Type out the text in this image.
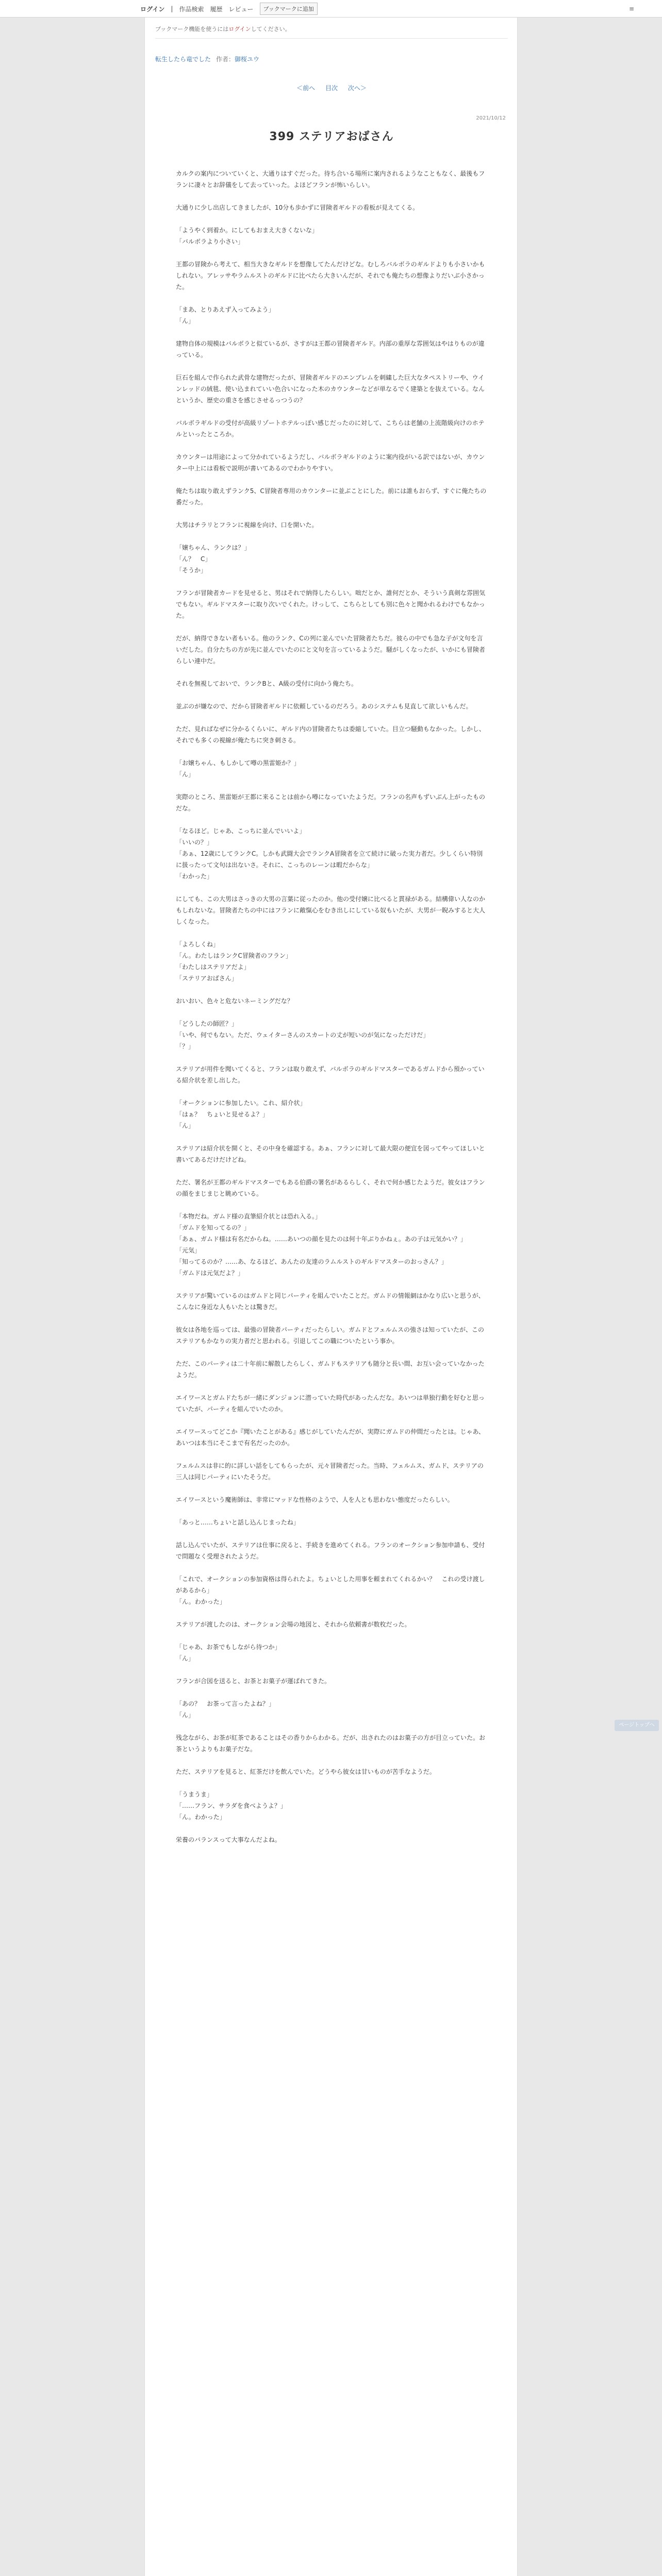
ログイン | 作品検索 履歴 レビュー	ブックマークに追加	≡
ブックマーク機能を使うにはログインしてください。
転生したら竜でした 作者：御桜ユウ
＜前へ 目次 次へ＞
2021/10/12
399 ステリアおばさん

カルクの案内についていくと、大通りはすぐだった。待ち合いる場所に案内されるようなこともなく、最後もフランに凄々とお辞儀をして去っていった。よほどフランが怖いらしい。

大通りに少し出店してきましたが、10分も歩かずに冒険者ギルドの看板が見えてくる。

「ようやく到着か。にしてもおまえ大きくないな」
「バルボラより小さい」

王都の冒険から考えて、相当大きなギルドを想像してたんだけどな。むしろバルボラのギルドよりも小さいかもしれない。アレッサやラムルストのギルドに比べたら大きいんだが、それでも俺たちの想像よりだいぶ小さかった。

「まあ、とりあえず入ってみよう」
「ん」

建物自体の規模はバルボラと似ているが、さすがは王都の冒険者ギルド。内部の重厚な雰囲気はやはりものが違っている。

巨石を組んで作られた武骨な建物だったが、冒険者ギルドのエンブレムを刺繍した巨大なタペストリーや、ウインレッドの絨毯、使い込まれていい色合いになった木のカウンターなどが単なるでく建築とを抜えている。なんというか、歴史の重さを感じさせるっつうの？

バルボラギルドの受付が高級リゾートホテルっぽい感じだったのに対して、こちらは老舗の上流階級向けのホテルといったところか。

カウンターは用途によって分かれているようだし、バルボラギルドのように案内役がいる訳ではないが、カウンター中上には看板で説明が書いてあるのでわかりやすい。

俺たちは取り敢えずランク5、C冒険者専用のカウンターに並ぶことにした。前には誰もおらず、すぐに俺たちの番だった。

大男はチラリとフランに視線を向け、口を開いた。

「嬢ちゃん、ランクは？」
「ん？　C」
「そうか」

フランが冒険者カードを見せると、男はそれで納得したらしい。咄だとか、誰何だとか、そういう真剣な雰囲気でもない。ギルドマスターに取り次いでくれた。けっして、こちらとしても別に色々と聞かれるわけでもなかった。

だが、納得できない者もいる。他のランク、Cの列に並んでいた冒険者たちだ。彼らの中でも急な子が文句を言いだした。自分たちの方が先に並んでいたのにと文句を言っているようだ。騒がしくなったが、いかにも冒険者らしい連中だ。

それを無視しておいで、ランクBと、A級の受付に向かう俺たち。

並ぶのが嫌なので、だから冒険者ギルドに依頼しているのだろう。あのシステムも見直して欲しいもんだ。

ただ、見ればなぜに分かるくらいに、ギルド内の冒険者たちは委縮していた。目立つ騒動もなかった。しかし、それでも多くの視線が俺たちに突き刺さる。

「お嬢ちゃん、もしかして噂の黒雷姫か？」
「ん」

実際のところ、黒雷姫が王都に来ることは前から噂になっていたようだ。フランの名声もずいぶん上がったものだな。

「なるほど。じゃあ、こっちに並んでいいよ」
「いいの？」
「あぁ、12歳にしてランクC。しかも武闘大会でランクA冒険者を立て続けに破った実力者だ。少しくらい特別に扱ったって文句は出ないさ。それに、こっちのレーンは暇だからな」
「わかった」

にしても、この大男はさっきの大男の言葉に従ったのか。他の受付嬢に比べると貫禄がある。結構偉い人なのかもしれないな。冒険者たちの中にはフランに敵愾心をむき出しにしている奴もいたが、大男が一睨みすると大人しくなった。

「よろしくね」
「ん。わたしはランクC冒険者のフラン」
「わたしはステリアだよ」
「ステリアおばさん」

おいおい、色々と危ないネーミングだな？

「どうしたの師匠？」
「いや、何でもない。ただ、ウェイターさんのスカートの丈が短いのが気になっただけだ」
「？」

ステリアが用件を聞いてくると、フランは取り敢えず、バルボラのギルドマスターであるガムドから預かっている紹介状を差し出した。

「オークションに参加したい。これ、紹介状」
「はぁ？　ちょいと見せるよ？」
「ん」

ステリアは紹介状を開くと、その中身を確認する。あぁ、フランに対して最大限の便宜を図ってやってほしいと書いてあるだけだけどね。

ただ、署名が王都のギルドマスターでもある伯爵の署名があるらしく、それで何か感じたようだ。彼女はフランの顔をまじまじと眺めている。

「本物だね。ガムド様の直筆紹介状とは恐れ入る。」
「ガムドを知ってるの？」
「あぁ、ガムド様は有名だからね。……あいつの顔を見たのは何十年ぶりかねぇ。あの子は元気かい？」
「元気」
「知ってるのか？……あ、なるほど、あんたの友達のラムルストのギルドマスターのおっさん？」
「ガムドは元気だよ？」

ステリアが驚いているのはガムドと同じパーティを組んでいたことだ。ガムドの情報網はかなり広いと思うが、こんなに身近な人もいたとは驚きだ。

彼女は各地を巡っては、最強の冒険者パーティだったらしい。ガムドとフェルムスの強さは知っていたが、このステリアもかなりの実力者だと思われる。引退してこの職についたという事か。

ただ、このパーティは二十年前に解散したらしく、ガムドもステリアも随分と長い間、お互い会っていなかったようだ。

エイワースとガムドたちが一緒にダンジョンに潜っていた時代があったんだな。あいつは単独行動を好むと思っていたが、パーティを組んでいたのか。

エイワースってどこか『聞いたことがある』感じがしていたんだが、実際にガムドの仲間だったとは。じゃあ、あいつは本当にそこまで有名だったのか。

フェルムスは非に的に詳しい話をしてもらったが、元々冒険者だった。当時、フェルムス、ガムド、ステリアの三人は同じパーティにいたそうだ。

エイワースという魔術師は、非常にマッドな性格のようで、人を人とも思わない態度だったらしい。

「あっと……ちょいと話し込んじまったね」

話し込んでいたが、ステリアは仕事に戻ると、手続きを進めてくれる。フランのオークション参加申請も、受付で問題なく受理されたようだ。

「これで、オークションの参加資格は得られたよ。ちょいとした用事を頼まれてくれるかい？　これの受け渡しがあるから」
「ん。わかった」

ステリアが渡したのは、オークション会場の地図と、それから依頼書が数枚だった。

「じゃあ、お茶でもしながら待つか」
「ん」

フランが合図を送ると、お茶とお菓子が運ばれてきた。

「あの？　お茶って言ったよね？」
「ん」

残念ながら、お茶が紅茶であることはその香りからわかる。だが、出されたのはお菓子の方が目立っていた。お茶というよりもお菓子だな。

ただ、ステリアを見ると、紅茶だけを飲んでいた。どうやら彼女は甘いものが苦手なようだ。

「うまうま」
「……フラン、サラダを食べようよ？」
「ん。わかった」

栄養のバランスって大事なんだよね。

ページトップへ
